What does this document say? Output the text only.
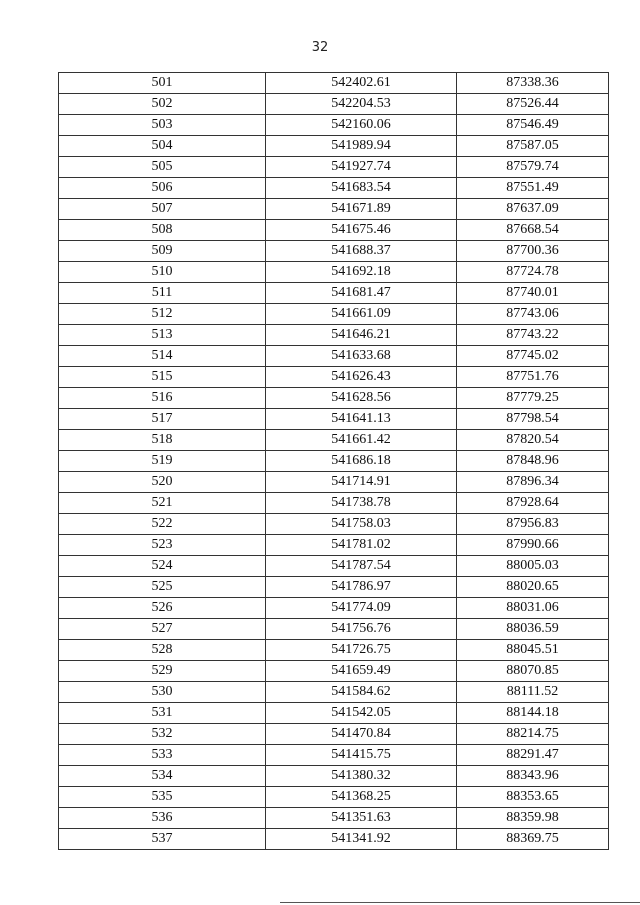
32
501	542402.61	87338.36
502	542204.53	87526.44
503	542160.06	87546.49
504	541989.94	87587.05
505	541927.74	87579.74
506	541683.54	87551.49
507	541671.89	87637.09
508	541675.46	87668.54
509	541688.37	87700.36
510	541692.18	87724.78
511	541681.47	87740.01
512	541661.09	87743.06
513	541646.21	87743.22
514	541633.68	87745.02
515	541626.43	87751.76
516	541628.56	87779.25
517	541641.13	87798.54
518	541661.42	87820.54
519	541686.18	87848.96
520	541714.91	87896.34
521	541738.78	87928.64
522	541758.03	87956.83
523	541781.02	87990.66
524	541787.54	88005.03
525	541786.97	88020.65
526	541774.09	88031.06
527	541756.76	88036.59
528	541726.75	88045.51
529	541659.49	88070.85
530	541584.62	88111.52
531	541542.05	88144.18
532	541470.84	88214.75
533	541415.75	88291.47
534	541380.32	88343.96
535	541368.25	88353.65
536	541351.63	88359.98
537	541341.92	88369.75
